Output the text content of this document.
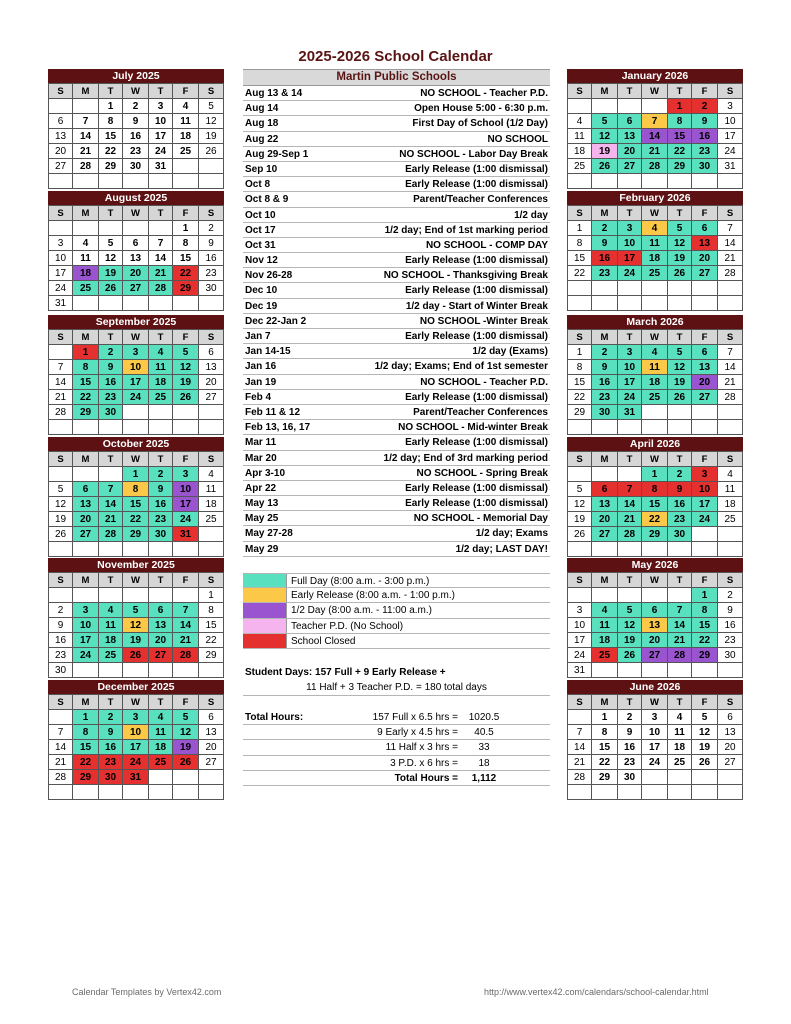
2025-2026 School Calendar
July 2025
S	M	T	W	T	F	S
		1	2	3	4	5
6	7	8	9	10	11	12
13	14	15	16	17	18	19
20	21	22	23	24	25	26
27	28	29	30	31		

August 2025
S	M	T	W	T	F	S
					1	2
3	4	5	6	7	8	9
10	11	12	13	14	15	16
17	18	19	20	21	22	23
24	25	26	27	28	29	30
31						
September 2025
S	M	T	W	T	F	S
	1	2	3	4	5	6
7	8	9	10	11	12	13
14	15	16	17	18	19	20
21	22	23	24	25	26	27
28	29	30				

October 2025
S	M	T	W	T	F	S
			1	2	3	4
5	6	7	8	9	10	11
12	13	14	15	16	17	18
19	20	21	22	23	24	25
26	27	28	29	30	31	

November 2025
S	M	T	W	T	F	S
						1
2	3	4	5	6	7	8
9	10	11	12	13	14	15
16	17	18	19	20	21	22
23	24	25	26	27	28	29
30						
December 2025
S	M	T	W	T	F	S
	1	2	3	4	5	6
7	8	9	10	11	12	13
14	15	16	17	18	19	20
21	22	23	24	25	26	27
28	29	30	31			

January 2026
S	M	T	W	T	F	S
				1	2	3
4	5	6	7	8	9	10
11	12	13	14	15	16	17
18	19	20	21	22	23	24
25	26	27	28	29	30	31

February 2026
S	M	T	W	T	F	S
1	2	3	4	5	6	7
8	9	10	11	12	13	14
15	16	17	18	19	20	21
22	23	24	25	26	27	28

March 2026
S	M	T	W	T	F	S
1	2	3	4	5	6	7
8	9	10	11	12	13	14
15	16	17	18	19	20	21
22	23	24	25	26	27	28
29	30	31				

April 2026
S	M	T	W	T	F	S
			1	2	3	4
5	6	7	8	9	10	11
12	13	14	15	16	17	18
19	20	21	22	23	24	25
26	27	28	29	30		

May 2026
S	M	T	W	T	F	S
					1	2
3	4	5	6	7	8	9
10	11	12	13	14	15	16
17	18	19	20	21	22	23
24	25	26	27	28	29	30
31						
June 2026
S	M	T	W	T	F	S
	1	2	3	4	5	6
7	8	9	10	11	12	13
14	15	16	17	18	19	20
21	22	23	24	25	26	27
28	29	30				

Martin Public Schools
Aug 13 & 14	NO SCHOOL - Teacher P.D.
Aug 14	Open House 5:00 - 6:30 p.m.
Aug 18	First Day of School (1/2 Day)
Aug 22	NO SCHOOL
Aug 29-Sep 1	NO SCHOOL - Labor Day Break
Sep 10	Early Release (1:00 dismissal)
Oct 8	Early Release (1:00 dismissal)
Oct 8 & 9	Parent/Teacher Conferences
Oct 10	1/2 day
Oct 17	1/2 day; End of 1st marking period
Oct 31	NO SCHOOL - COMP DAY
Nov 12	Early Release (1:00 dismissal)
Nov 26-28	NO SCHOOL - Thanksgiving Break
Dec 10	Early Release (1:00 dismissal)
Dec 19	1/2 day - Start of Winter Break
Dec 22-Jan 2	NO SCHOOL -Winter Break
Jan 7	Early Release (1:00 dismissal)
Jan 14-15	1/2 day (Exams)
Jan 16	1/2 day; Exams; End of 1st semester
Jan 19	NO SCHOOL - Teacher P.D.
Feb 4	Early Release (1:00 dismissal)
Feb 11 & 12	Parent/Teacher Conferences
Feb 13, 16, 17	NO SCHOOL - Mid-winter Break
Mar 11	Early Release (1:00 dismissal)
Mar 20	1/2 day; End of 3rd marking period
Apr 3-10	NO SCHOOL - Spring Break
Apr 22	Early Release (1:00 dismissal)
May 13	Early Release (1:00 dismissal)
May 25	NO SCHOOL - Memorial Day
May 27-28	1/2 day; Exams
May 29	1/2 day; LAST DAY!
Full Day (8:00 a.m. - 3:00 p.m.)
Early Release (8:00 a.m. - 1:00 p.m.)
1/2 Day (8:00 a.m. - 11:00 a.m.)
Teacher P.D. (No School)
School Closed
Student Days: 157 Full + 9 Early Release +
11 Half + 3 Teacher P.D. = 180 total days
Total Hours:	157 Full x 6.5 hrs =	1020.5
9 Early x 4.5 hrs =	40.5
11 Half x 3 hrs =	33
3 P.D. x 6 hrs =	18
Total Hours =	1,112
Calendar Templates by Vertex42.com	http://www.vertex42.com/calendars/school-calendar.html
